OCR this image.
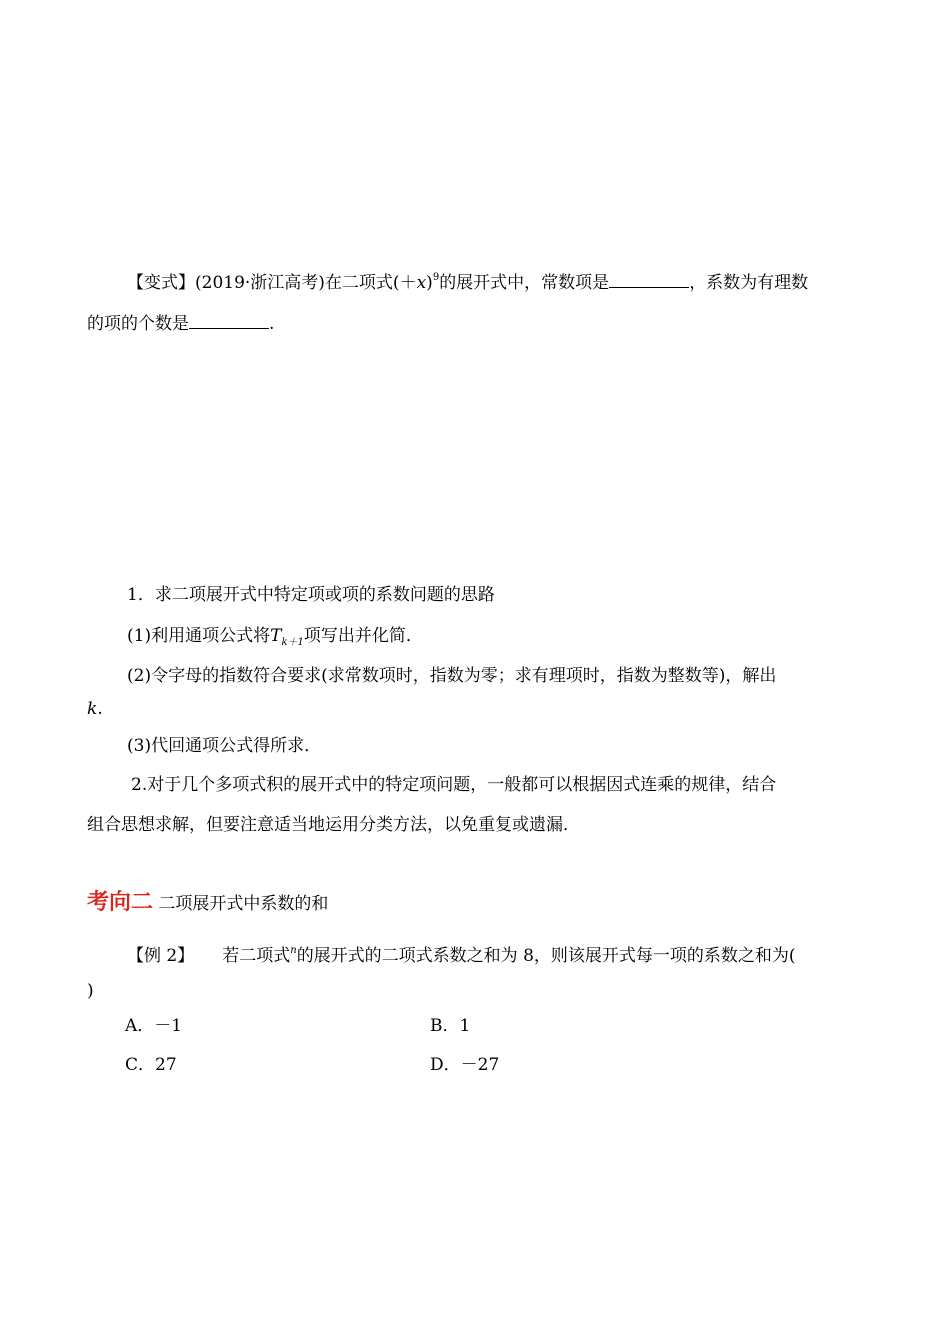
【变式】(2019·浙江高考)在二项式$(+x)^9$的展开式中，常数项是	，系数为有理数
的项的个数是	.
1．求二项展开式中特定项或项的系数问题的思路
(1)利用通项公式将$T_{k+1}$项写出并化简．
(2)令字母的指数符合要求(求常数项时，指数为零；求有理项时，指数为整数等)，解出
k.
(3)代回通项公式得所求．
2.对于几个多项式积的展开式中的特定项问题，一般都可以根据因式连乘的规律，结合
组合思想求解，但要注意适当地运用分类方法，以免重复或遗漏．
考向二 二项展开式中系数的和
【例 2】 若二项式$^n$的展开式的二项式系数之和为 8，则该展开式每一项的系数之和为(
)
A．－1	B．1
C．27	D．－27
